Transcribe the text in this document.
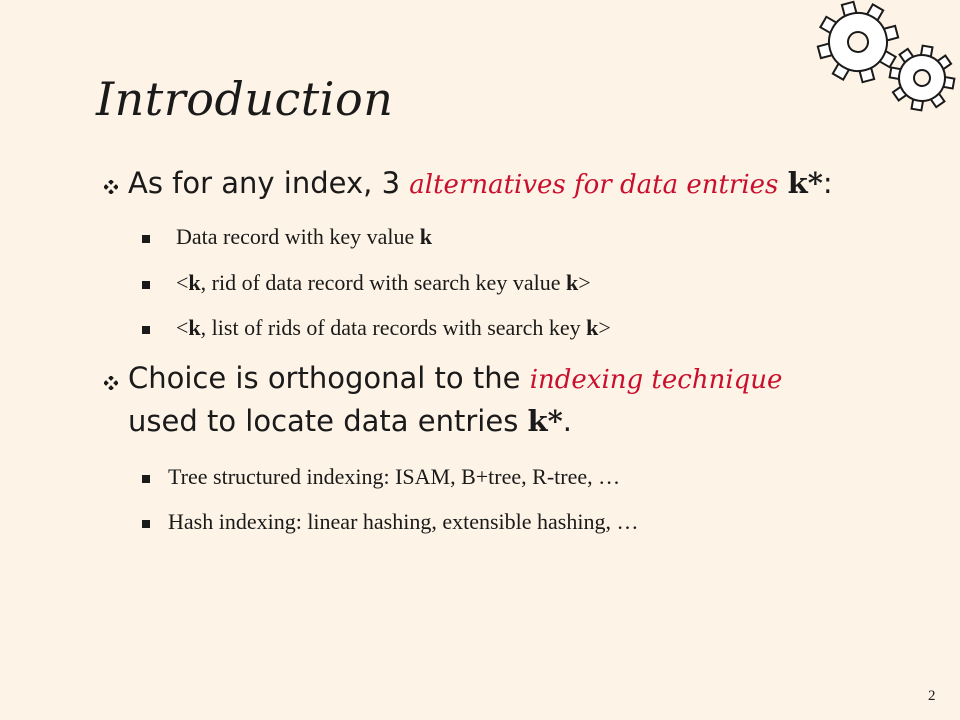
Introduction
As for any index, 3 alternatives for data entries k*:
Data record with key value k
<k, rid of data record with search key value k>
<k, list of rids of data records with search key k>
Choice is orthogonal to the indexing technique
used to locate data entries k*.
Tree structured indexing: ISAM, B+tree, R-tree, …
Hash indexing: linear hashing, extensible hashing, …
2
